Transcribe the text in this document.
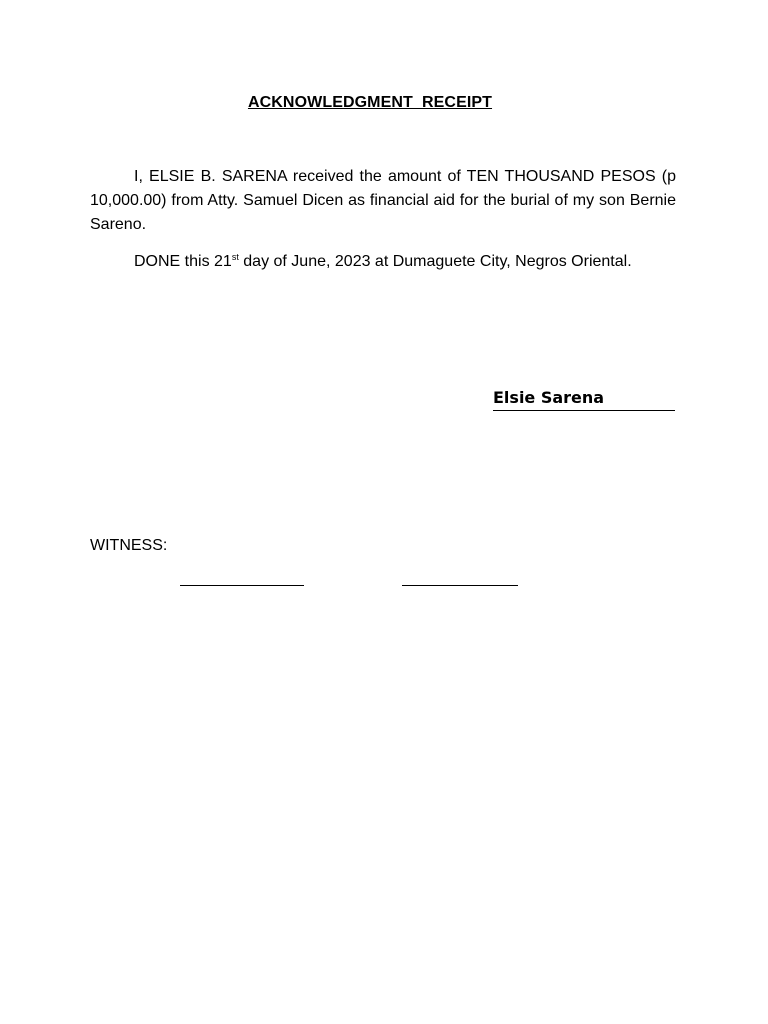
ACKNOWLEDGMENT  RECEIPT
I, ELSIE B. SARENA received the amount of TEN THOUSAND PESOS (p 10,000.00) from Atty. Samuel Dicen as financial aid for the burial of my son Bernie Sareno.
DONE this 21st day of June, 2023 at Dumaguete City, Negros Oriental.
Elsie Sarena
WITNESS:
